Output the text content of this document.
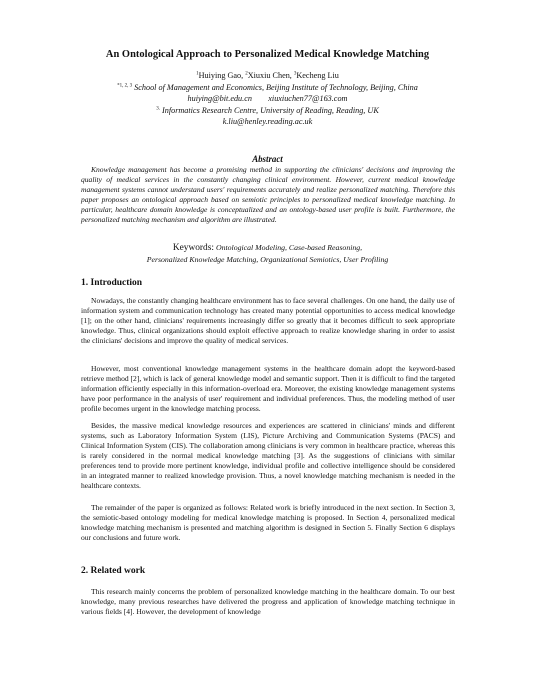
An Ontological Approach to Personalized Medical Knowledge Matching
$^1$Huiying Gao, $^2$Xiuxiu Chen, $^3$Kecheng Liu
$^{*1, 2, 3}$ School of Management and Economics, Beijing Institute of Technology, Beijing, China
huiying@bit.edu.cn        xiuxiuchen77@163.com
$^{3.}$ Informatics Research Centre, University of Reading, Reading, UK
k.liu@henley.reading.ac.uk
Abstract
Knowledge management has become a promising method in supporting the clinicians' decisions and improving the quality of medical services in the constantly changing clinical environment. However, current medical knowledge management systems cannot understand users' requirements accurately and realize personalized matching. Therefore this paper proposes an ontological approach based on semiotic principles to personalized medical knowledge matching. In particular, healthcare domain knowledge is conceptualized and an ontology-based user profile is built. Furthermore, the personalized matching mechanism and algorithm are illustrated.
Keywords: Ontological Modeling, Case-based Reasoning,
Personalized Knowledge Matching, Organizational Semiotics, User Profiling
1. Introduction

Nowadays, the constantly changing healthcare environment has to face several challenges. On one hand, the daily use of information system and communication technology has created many potential opportunities to access medical knowledge [1]; on the other hand, clinicians' requirements increasingly differ so greatly that it becomes difficult to seek appropriate knowledge. Thus, clinical organizations should exploit effective approach to realize knowledge sharing in order to assist the clinicians' decisions and improve the quality of medical services.

However, most conventional knowledge management systems in the healthcare domain adopt the keyword-based retrieve method [2], which is lack of general knowledge model and semantic support. Then it is difficult to find the targeted information efficiently especially in this information-overload era. Moreover, the existing knowledge management systems have poor performance in the analysis of user' requirement and individual preferences. Thus, the modeling method of user profile becomes urgent in the knowledge matching process.

Besides, the massive medical knowledge resources and experiences are scattered in clinicians' minds and different systems, such as Laboratory Information System (LIS), Picture Archiving and Communication Systems (PACS) and Clinical Information System (CIS). The collaboration among clinicians is very common in healthcare practice, whereas this is rarely considered in the normal medical knowledge matching [3]. As the suggestions of clinicians with similar preferences tend to provide more pertinent knowledge, individual profile and collective intelligence should be considered in an integrated manner to realized knowledge provision. Thus, a novel knowledge matching mechanism is needed in the healthcare contexts.

The remainder of the paper is organized as follows: Related work is briefly introduced in the next section. In Section 3, the semiotic-based ontology modeling for medical knowledge matching is proposed. In Section 4, personalized medical knowledge matching mechanism is presented and matching algorithm is designed in Section 5. Finally Section 6 displays our conclusions and future work.

2. Related work

This research mainly concerns the problem of personalized knowledge matching in the healthcare domain. To our best knowledge, many previous researches have delivered the progress and application of knowledge matching technique in various fields [4]. However, the development of knowledge
